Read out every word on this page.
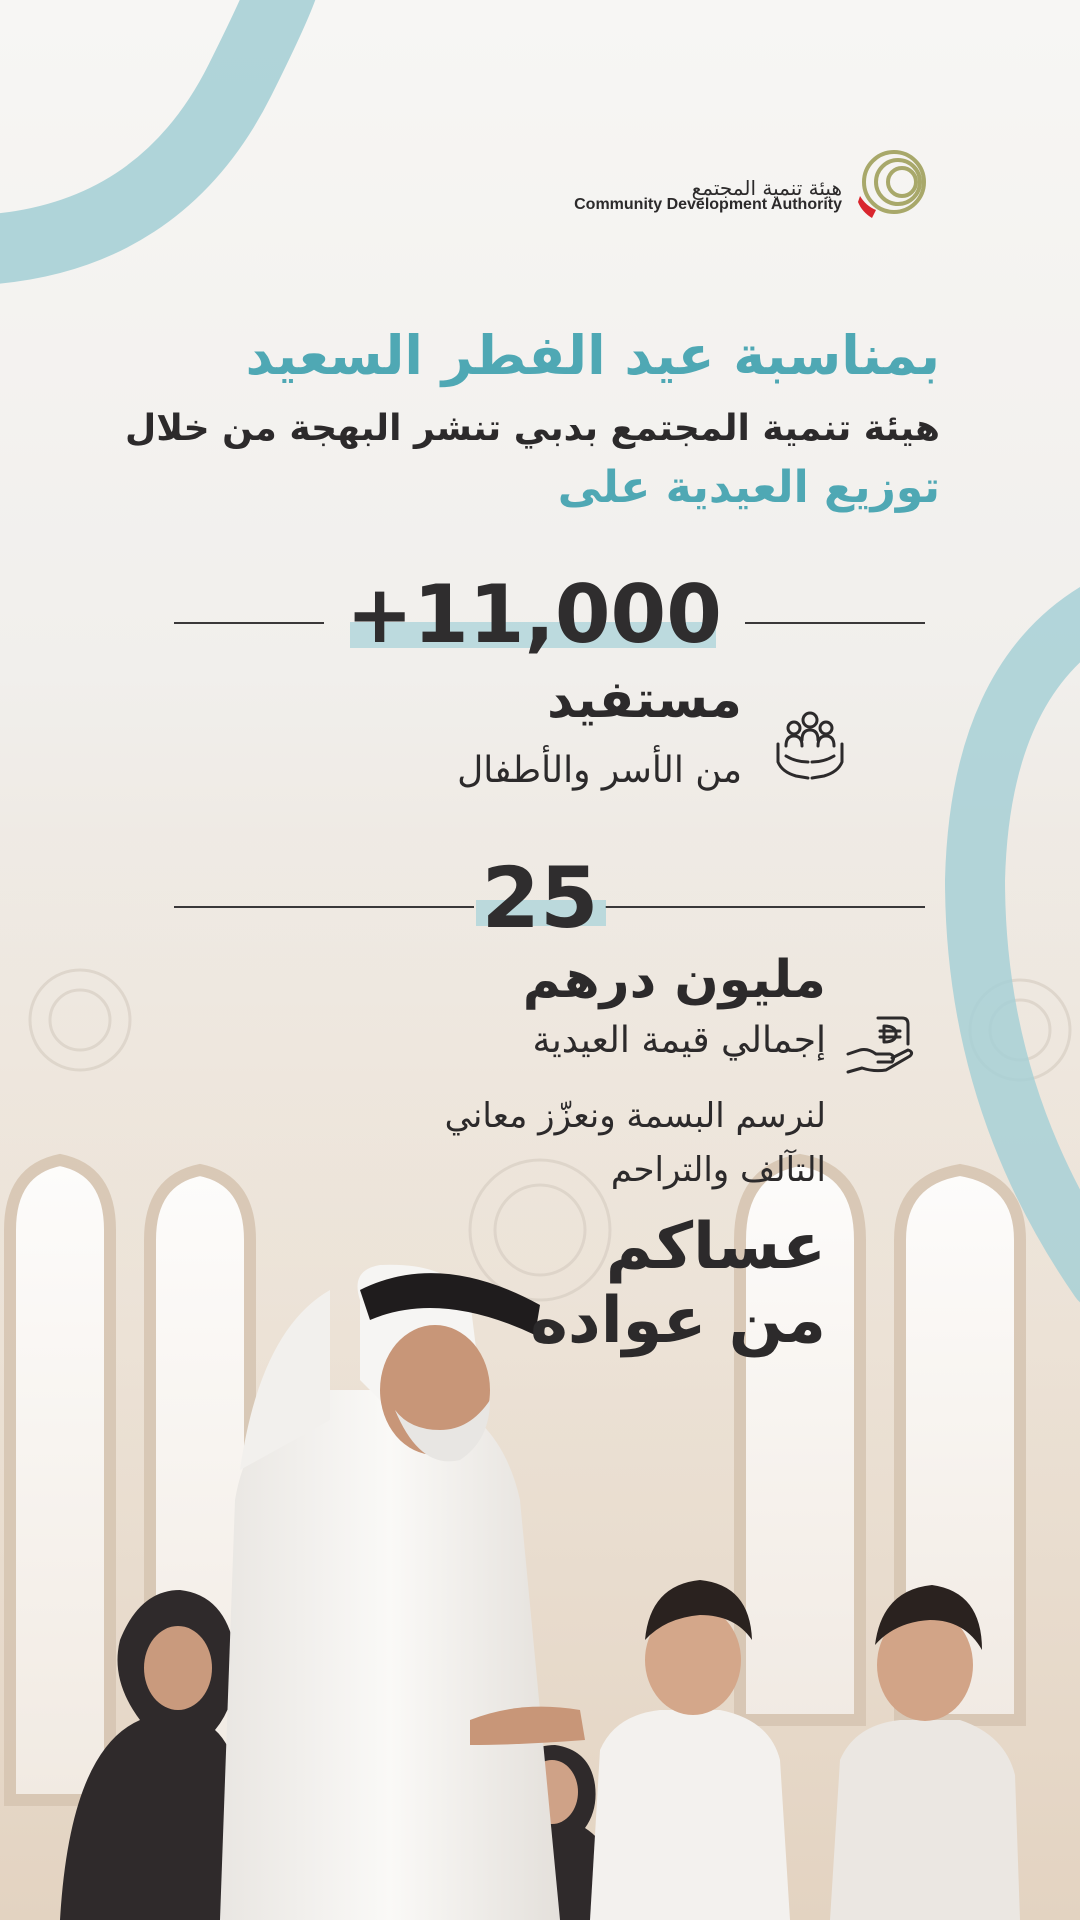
هيئة تنمية المجتمع
Community Development Authority
بمناسبة عيد الفطر السعيد
هيئة تنمية المجتمع بدبي تنشر البهجة من خلال
توزيع العيدية على
+11,000
مستفيد
من الأسر والأطفال
25
مليون درهم
إجمالي قيمة العيدية
لنرسم البسمة ونعزّز معاني
التآلف والتراحم
عساكم
من عواده
